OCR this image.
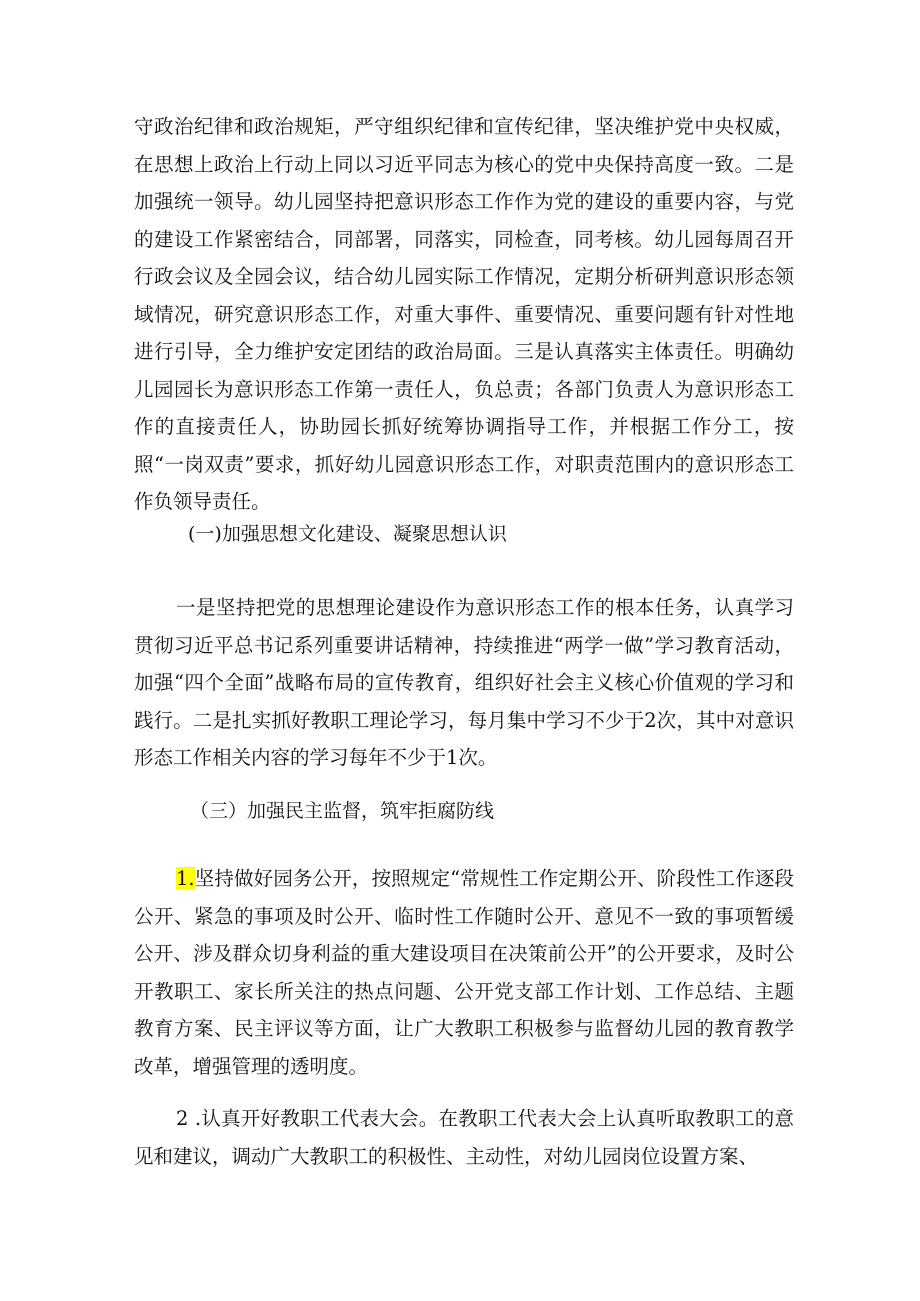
守政治纪律和政治规矩，严守组织纪律和宣传纪律，坚决维护党中央权威，在思想上政治上行动上同以习近平同志为核心的党中央保持高度一致。二是加强统一领导。幼儿园坚持把意识形态工作作为党的建设的重要内容，与党的建设工作紧密结合，同部署，同落实，同检查，同考核。幼儿园每周召开行政会议及全园会议，结合幼儿园实际工作情况，定期分析研判意识形态领域情况，研究意识形态工作，对重大事件、重要情况、重要问题有针对性地进行引导，全力维护安定团结的政治局面。三是认真落实主体责任。明确幼儿园园长为意识形态工作第一责任人，负总责；各部门负责人为意识形态工作的直接责任人，协助园长抓好统筹协调指导工作，并根据工作分工，按照“一岗双责”要求，抓好幼儿园意识形态工作，对职责范围内的意识形态工作负领导责任。

(一)加强思想文化建设、凝聚思想认识

一是坚持把党的思想理论建设作为意识形态工作的根本任务，认真学习贯彻习近平总书记系列重要讲话精神，持续推进“两学一做”学习教育活动，加强“四个全面”战略布局的宣传教育，组织好社会主义核心价值观的学习和践行。二是扎实抓好教职工理论学习，每月集中学习不少于2次，其中对意识形态工作相关内容的学习每年不少于1次。

（三）加强民主监督，筑牢拒腐防线

1.坚持做好园务公开，按照规定“常规性工作定期公开、阶段性工作逐段公开、紧急的事项及时公开、临时性工作随时公开、意见不一致的事项暂缓公开、涉及群众切身利益的重大建设项目在决策前公开”的公开要求，及时公开教职工、家长所关注的热点问题、公开党支部工作计划、工作总结、主题教育方案、民主评议等方面，让广大教职工积极参与监督幼儿园的教育教学改革，增强管理的透明度。

2 .认真开好教职工代表大会。在教职工代表大会上认真听取教职工的意见和建议，调动广大教职工的积极性、主动性，对幼儿园岗位设置方案、
